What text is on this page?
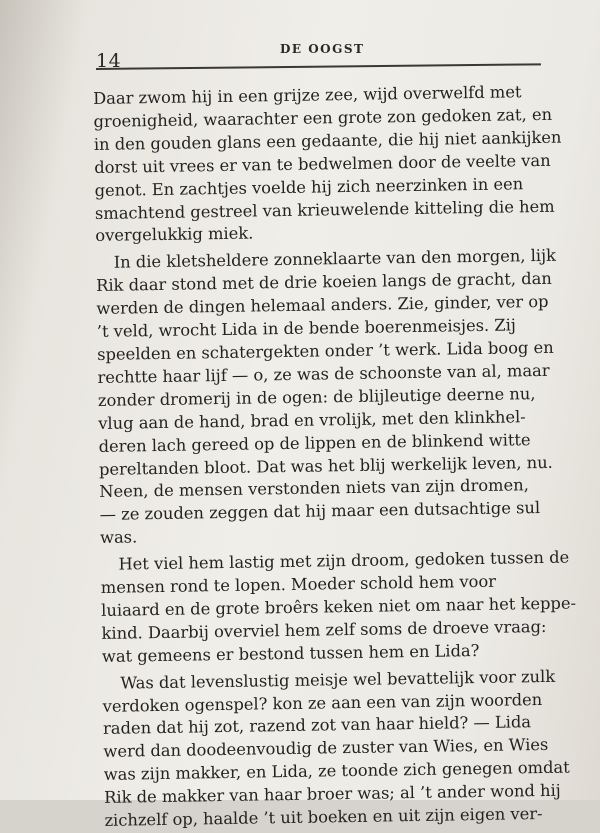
14
DE OOGST
Daar zwom hij in een grijze zee, wijd overwelfd met
groenigheid, waarachter een grote zon gedoken zat, en
in den gouden glans een gedaante, die hij niet aankijken
dorst uit vrees er van te bedwelmen door de veelte van
genot. En zachtjes voelde hij zich neerzinken in een
smachtend gestreel van krieuwelende kitteling die hem
overgelukkig miek.
In die kletsheldere zonneklaarte van den morgen, lijk
Rik daar stond met de drie koeien langs de gracht, dan
werden de dingen helemaal anders. Zie, ginder, ver op
’t veld, wrocht Lida in de bende boerenmeisjes. Zij
speelden en schatergekten onder ’t werk. Lida boog en
rechtte haar lijf — o, ze was de schoonste van al, maar
zonder dromerij in de ogen: de blijleutige deerne nu,
vlug aan de hand, brad en vrolijk, met den klinkhel-
deren lach gereed op de lippen en de blinkend witte
pereltanden bloot. Dat was het blij werkelijk leven, nu.
Neen, de mensen verstonden niets van zijn dromen,
— ze zouden zeggen dat hij maar een dutsachtige sul
was.
Het viel hem lastig met zijn droom, gedoken tussen de
mensen rond te lopen. Moeder schold hem voor
luiaard en de grote broêrs keken niet om naar het keppe-
kind. Daarbij overviel hem zelf soms de droeve vraag:
wat gemeens er bestond tussen hem en Lida?
Was dat levenslustig meisje wel bevattelijk voor zulk
verdoken ogenspel? kon ze aan een van zijn woorden
raden dat hij zot, razend zot van haar hield? — Lida
werd dan doodeenvoudig de zuster van Wies, en Wies
was zijn makker, en Lida, ze toonde zich genegen omdat
Rik de makker van haar broer was; al ’t ander wond hij
zichzelf op, haalde ’t uit boeken en uit zijn eigen ver-
